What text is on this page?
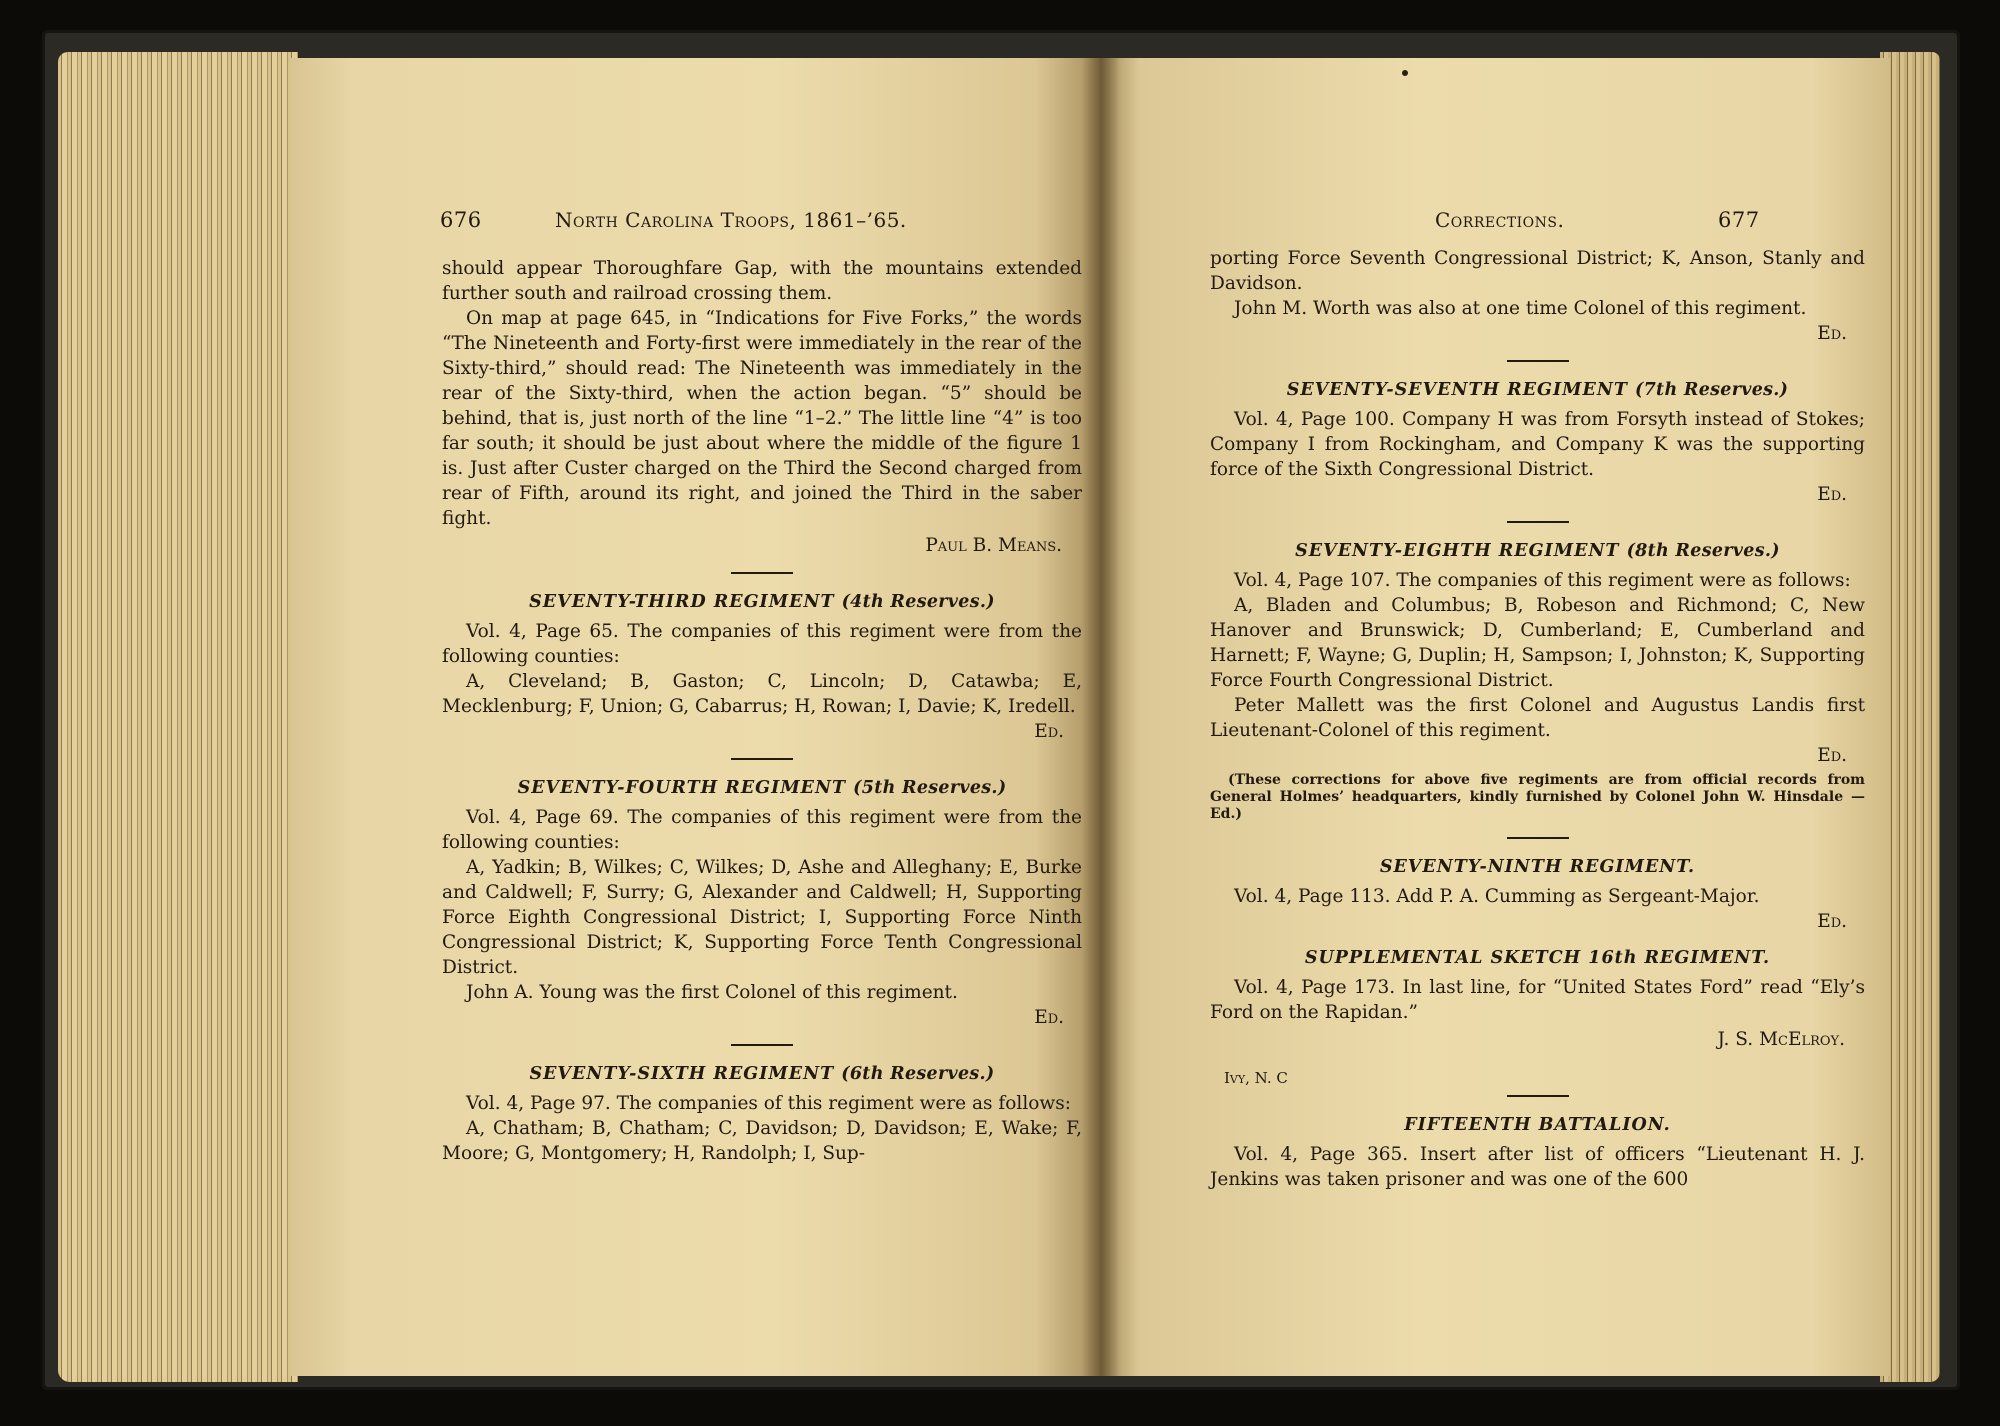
676	North Carolina Troops, 1861–’65.

should appear Thoroughfare Gap, with the mountains extended further south and railroad crossing them.

On map at page 645, in “Indications for Five Forks,” the words “The Nineteenth and Forty-first were immediately in the rear of the Sixty-third,” should read: The Nineteenth was immediately in the rear of the Sixty-third, when the action began. “5” should be behind, that is, just north of the line “1–2.” The little line “4” is too far south; it should be just about where the middle of the figure 1 is. Just after Custer charged on the Third the Second charged from rear of Fifth, around its right, and joined the Third in the saber fight.

Paul B. Means.

SEVENTY-THIRD REGIMENT (4th Reserves.)

Vol. 4, Page 65. The companies of this regiment were from the following counties:

A, Cleveland; B, Gaston; C, Lincoln; D, Catawba; E, Mecklenburg; F, Union; G, Cabarrus; H, Rowan; I, Davie; K, Iredell.

Ed.

SEVENTY-FOURTH REGIMENT (5th Reserves.)

Vol. 4, Page 69. The companies of this regiment were from the following counties:

A, Yadkin; B, Wilkes; C, Wilkes; D, Ashe and Alleghany; E, Burke and Caldwell; F, Surry; G, Alexander and Caldwell; H, Supporting Force Eighth Congressional District; I, Supporting Force Ninth Congressional District; K, Supporting Force Tenth Congressional District.

John A. Young was the first Colonel of this regiment.

Ed.

SEVENTY-SIXTH REGIMENT (6th Reserves.)

Vol. 4, Page 97. The companies of this regiment were as follows:

A, Chatham; B, Chatham; C, Davidson; D, Davidson; E, Wake; F, Moore; G, Montgomery; H, Randolph; I, Sup-

Corrections.	677

porting Force Seventh Congressional District; K, Anson, Stanly and Davidson.

John M. Worth was also at one time Colonel of this regiment.

Ed.

SEVENTY-SEVENTH REGIMENT (7th Reserves.)

Vol. 4, Page 100. Company H was from Forsyth instead of Stokes; Company I from Rockingham, and Company K was the supporting force of the Sixth Congressional District.

Ed.

SEVENTY-EIGHTH REGIMENT (8th Reserves.)

Vol. 4, Page 107. The companies of this regiment were as follows:

A, Bladen and Columbus; B, Robeson and Richmond; C, New Hanover and Brunswick; D, Cumberland; E, Cumberland and Harnett; F, Wayne; G, Duplin; H, Sampson; I, Johnston; K, Supporting Force Fourth Congressional District.

Peter Mallett was the first Colonel and Augustus Landis first Lieutenant-Colonel of this regiment.

Ed.

(These corrections for above five regiments are from official records from General Holmes’ headquarters, kindly furnished by Colonel John W. Hinsdale —Ed.)

SEVENTY-NINTH REGIMENT.

Vol. 4, Page 113. Add P. A. Cumming as Sergeant-Major.

Ed.

SUPPLEMENTAL SKETCH 16th REGIMENT.

Vol. 4, Page 173. In last line, for “United States Ford” read “Ely’s Ford on the Rapidan.”

J. S. McElroy.

Ivy, N. C

FIFTEENTH BATTALION.

Vol. 4, Page 365. Insert after list of officers “Lieutenant H. J. Jenkins was taken prisoner and was one of the 600
